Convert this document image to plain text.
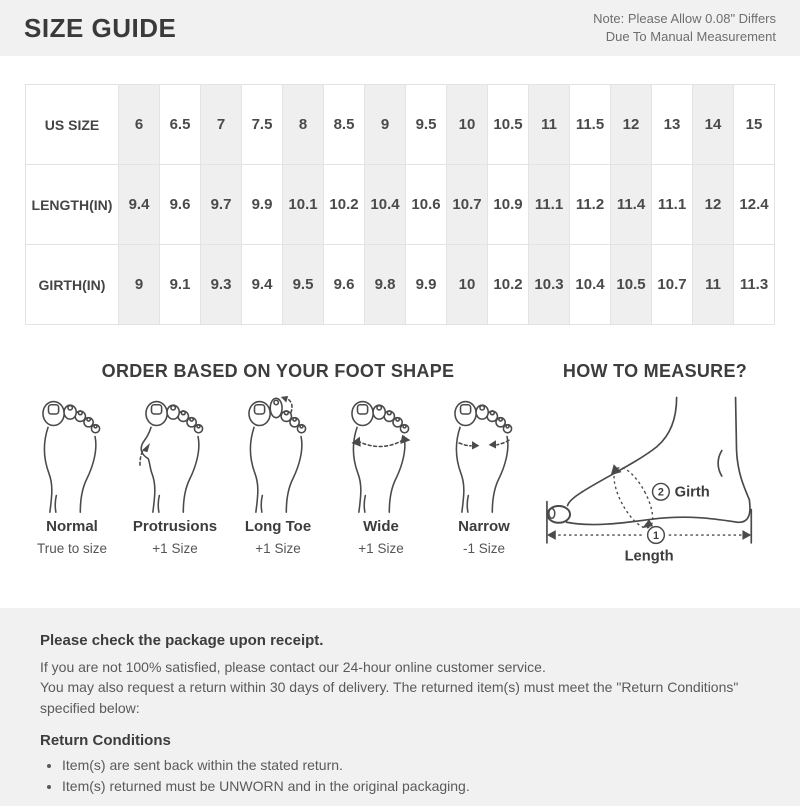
SIZE GUIDE	Note: Please Allow 0.08" Differs
Due To Manual Measurement
US SIZE	6	6.5	7	7.5	8	8.5	9	9.5	10	10.5	11	11.5	12	13	14	15
LENGTH(IN)	9.4	9.6	9.7	9.9	10.1	10.2	10.4	10.6	10.7	10.9	11.1	11.2	11.4	11.1	12	12.4
GIRTH(IN)	9	9.1	9.3	9.4	9.5	9.6	9.8	9.9	10	10.2	10.3	10.4	10.5	10.7	11	11.3
ORDER BASED ON YOUR FOOT SHAPE
Normal
True to size
Protrusions
+1 Size
Long Toe
+1 Size
Wide
+1 Size
Narrow
-1 Size
HOW TO MEASURE?
2 Girth
1
Length

Please check the package upon receipt.

If you are not 100% satisfied, please contact our 24-hour online customer service.

You may also request a return within 30 days of delivery. The returned item(s) must meet the "Return Conditions"

specified below:

Return Conditions

• Item(s) are sent back within the stated return.
• Item(s) returned must be UNWORN and in the original packaging.
